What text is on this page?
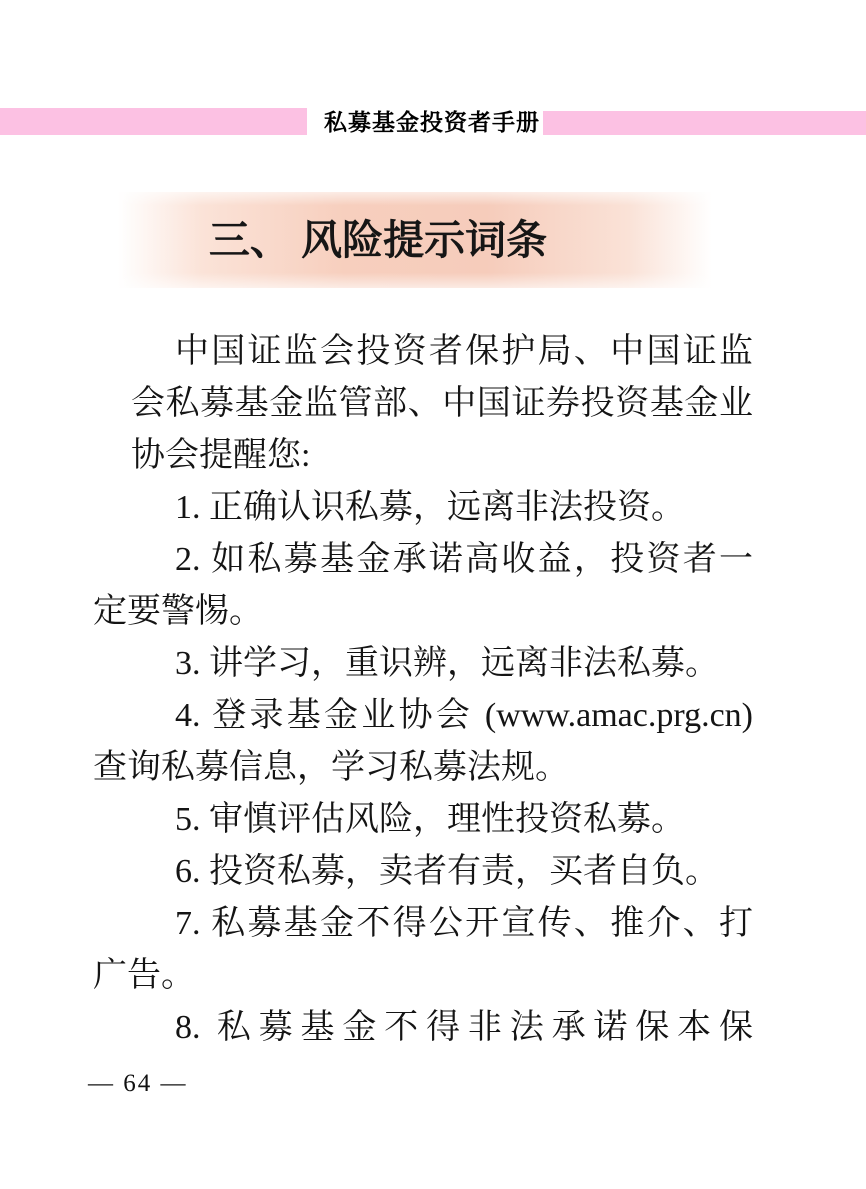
私募基金投资者手册
三、 风险提示词条
中国证监会投资者保护局、中国证监
会私募基金监管部、中国证券投资基金业
协会提醒您:
1. 正确认识私募，远离非法投资。
2. 如私募基金承诺高收益，投资者一
定要警惕。
3. 讲学习，重识辨，远离非法私募。
4. 登录基金业协会 (www.amac.prg.cn)
查询私募信息，学习私募法规。
5. 审慎评估风险，理性投资私募。
6. 投资私募，卖者有责，买者自负。
7. 私募基金不得公开宣传、推介、打
广告。
8. 私募基金不得非法承诺保本保
— 64 —
